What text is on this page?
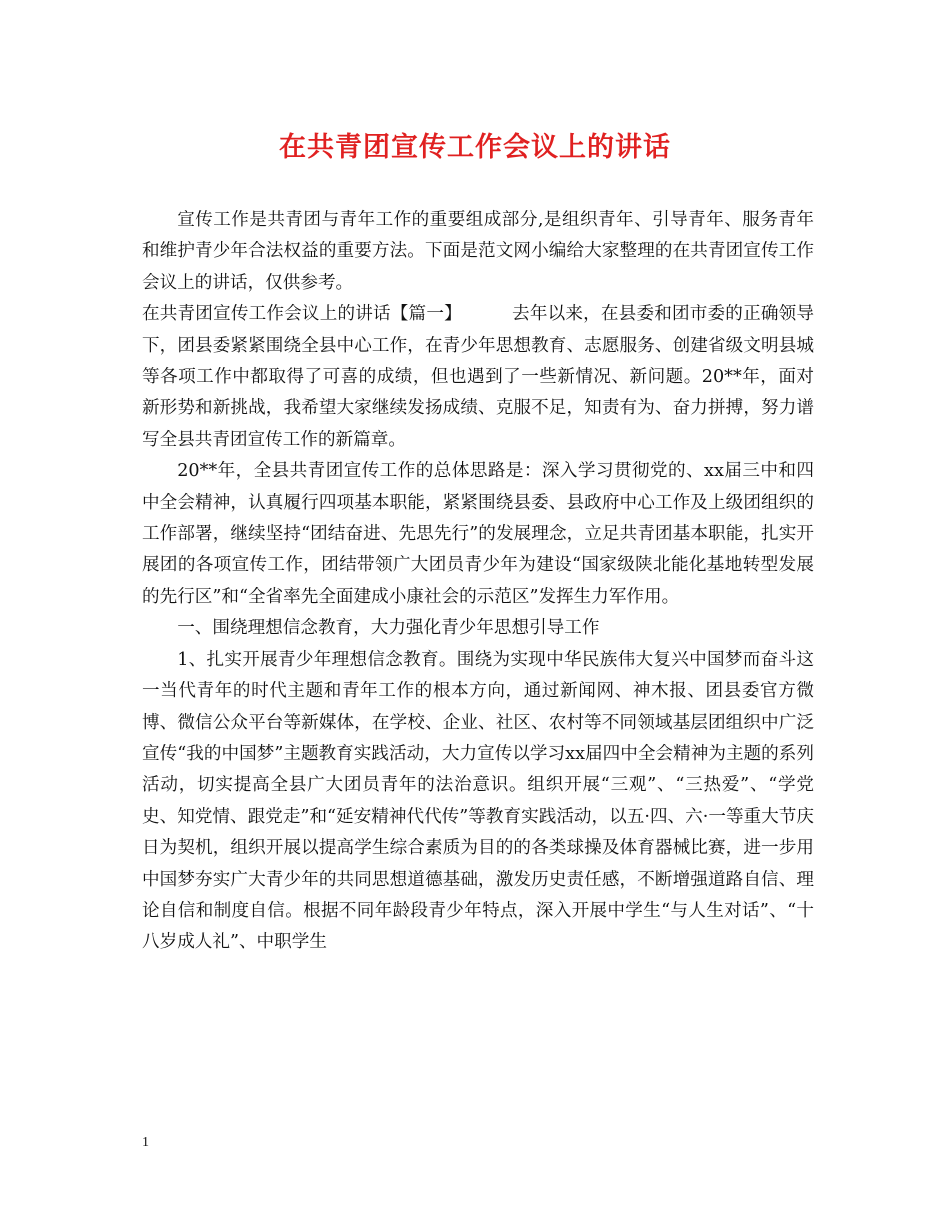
在共青团宣传工作会议上的讲话

宣传工作是共青团与青年工作的重要组成部分,是组织青年、引导青年、服务青年和维护青少年合法权益的重要方法。下面是范文网小编给大家整理的在共青团宣传工作会议上的讲话，仅供参考。

在共青团宣传工作会议上的讲话【篇一】	去年以来，在县委和团市委的正确领导下，团县委紧紧围绕全县中心工作，在青少年思想教育、志愿服务、创建省级文明县城等各项工作中都取得了可喜的成绩，但也遇到了一些新情况、新问题。20**年，面对新形势和新挑战，我希望大家继续发扬成绩、克服不足，知责有为、奋力拼搏，努力谱写全县共青团宣传工作的新篇章。

20**年，全县共青团宣传工作的总体思路是：深入学习贯彻党的、xx届三中和四中全会精神，认真履行四项基本职能，紧紧围绕县委、县政府中心工作及上级团组织的工作部署，继续坚持“团结奋进、先思先行”的发展理念，立足共青团基本职能，扎实开展团的各项宣传工作，团结带领广大团员青少年为建设“国家级陕北能化基地转型发展的先行区”和“全省率先全面建成小康社会的示范区”发挥生力军作用。

一、围绕理想信念教育，大力强化青少年思想引导工作

1、扎实开展青少年理想信念教育。围绕为实现中华民族伟大复兴中国梦而奋斗这一当代青年的时代主题和青年工作的根本方向，通过新闻网、神木报、团县委官方微博、微信公众平台等新媒体，在学校、企业、社区、农村等不同领域基层团组织中广泛宣传“我的中国梦”主题教育实践活动，大力宣传以学习xx届四中全会精神为主题的系列活动，切实提高全县广大团员青年的法治意识。组织开展“三观”、“三热爱”、“学党史、知党情、跟党走”和“延安精神代代传”等教育实践活动，以五·四、六·一等重大节庆日为契机，组织开展以提高学生综合素质为目的的各类球操及体育器械比赛，进一步用中国梦夯实广大青少年的共同思想道德基础，激发历史责任感，不断增强道路自信、理论自信和制度自信。根据不同年龄段青少年特点，深入开展中学生“与人生对话”、“十八岁成人礼”、中职学生

1
